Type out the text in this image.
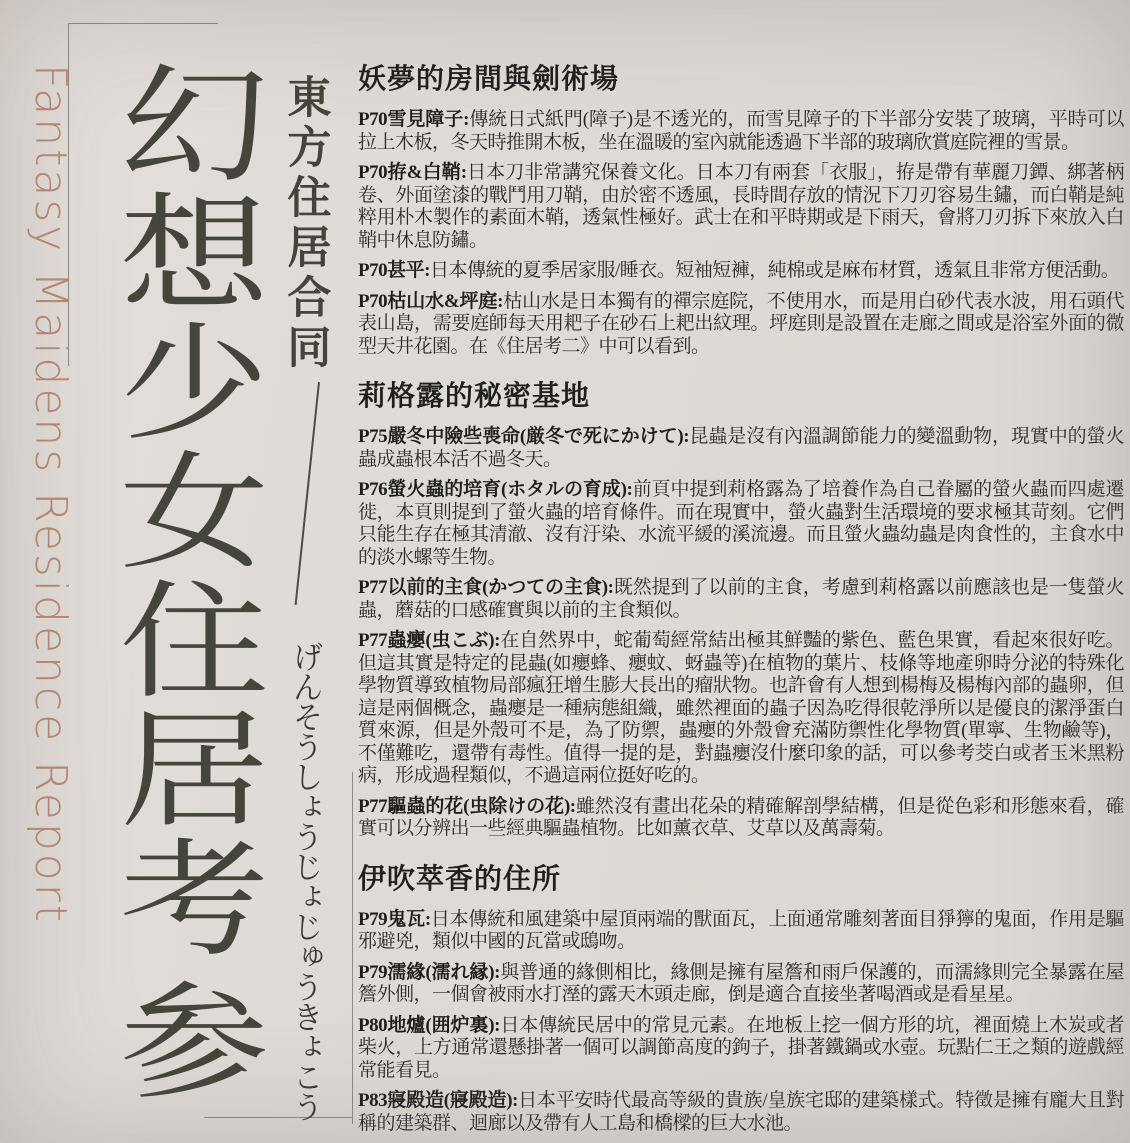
Fantasy Maidens Residence Report 幻想少女住居考参
東方住居合同
げんそうしょうじょじゅうきょこう
妖夢的房間與劍術場

P70雪見障子:傳統日式紙門(障子)是不透光的，而雪見障子的下半部分安裝了玻璃，平時可以拉上木板，冬天時推開木板，坐在溫暖的室內就能透過下半部的玻璃欣賞庭院裡的雪景。

P70拵&白鞘:日本刀非常講究保養文化。日本刀有兩套「衣服」，拵是帶有華麗刀鐔、綁著柄卷、外面塗漆的戰鬥用刀鞘，由於密不透風，長時間存放的情況下刀刃容易生鏽，而白鞘是純粹用朴木製作的素面木鞘，透氣性極好。武士在和平時期或是下雨天，會將刀刃拆下來放入白鞘中休息防鏽。

P70甚平:日本傳統的夏季居家服/睡衣。短袖短褲，純棉或是麻布材質，透氣且非常方便活動。

P70枯山水&坪庭:枯山水是日本獨有的禪宗庭院，不使用水，而是用白砂代表水波，用石頭代表山島，需要庭師每天用耙子在砂石上耙出紋理。坪庭則是設置在走廊之間或是浴室外面的微型天井花園。在《住居考二》中可以看到。

莉格露的秘密基地

P75嚴冬中險些喪命(厳冬で死にかけて):昆蟲是沒有內溫調節能力的變溫動物，現實中的螢火蟲成蟲根本活不過冬天。

P76螢火蟲的培育(ホタルの育成):前頁中提到莉格露為了培養作為自己眷屬的螢火蟲而四處遷徙，本頁則提到了螢火蟲的培育條件。而在現實中，螢火蟲對生活環境的要求極其苛刻。它們只能生存在極其清澈、沒有汙染、水流平緩的溪流邊。而且螢火蟲幼蟲是肉食性的，主食水中的淡水螺等生物。

P77以前的主食(かつての主食):既然提到了以前的主食，考慮到莉格露以前應該也是一隻螢火蟲，蘑菇的口感確實與以前的主食類似。

P77蟲癭(虫こぶ):在自然界中，蛇葡萄經常結出極其鮮豔的紫色、藍色果實，看起來很好吃。但這其實是特定的昆蟲(如癭蜂、癭蚊、蚜蟲等)在植物的葉片、枝條等地產卵時分泌的特殊化學物質導致植物局部瘋狂增生膨大長出的瘤狀物。也許會有人想到楊梅及楊梅內部的蟲卵，但這是兩個概念，蟲癭是一種病態組織，雖然裡面的蟲子因為吃得很乾淨所以是優良的潔淨蛋白質來源，但是外殼可不是，為了防禦，蟲癭的外殼會充滿防禦性化學物質(單寧、生物鹼等)，不僅難吃，還帶有毒性。值得一提的是，對蟲癭沒什麼印象的話，可以參考茭白或者玉米黑粉病，形成過程類似，不過這兩位挺好吃的。

P77驅蟲的花(虫除けの花):雖然沒有畫出花朵的精確解剖學結構，但是從色彩和形態來看，確實可以分辨出一些經典驅蟲植物。比如薰衣草、艾草以及萬壽菊。

伊吹萃香的住所

P79鬼瓦:日本傳統和風建築中屋頂兩端的獸面瓦，上面通常雕刻著面目猙獰的鬼面，作用是驅邪避兇，類似中國的瓦當或鴟吻。

P79濡緣(濡れ縁):與普通的緣側相比，緣側是擁有屋簷和雨戶保護的，而濡緣則完全暴露在屋簷外側，一個會被雨水打溼的露天木頭走廊，倒是適合直接坐著喝酒或是看星星。

P80地爐(囲炉裏):日本傳統民居中的常見元素。在地板上挖一個方形的坑，裡面燒上木炭或者柴火，上方通常還懸掛著一個可以調節高度的鉤子，掛著鐵鍋或水壺。玩點仁王之類的遊戲經常能看見。

P83寢殿造(寢殿造):日本平安時代最高等級的貴族/皇族宅邸的建築樣式。特徵是擁有龐大且對稱的建築群、迴廊以及帶有人工島和橋樑的巨大水池。
